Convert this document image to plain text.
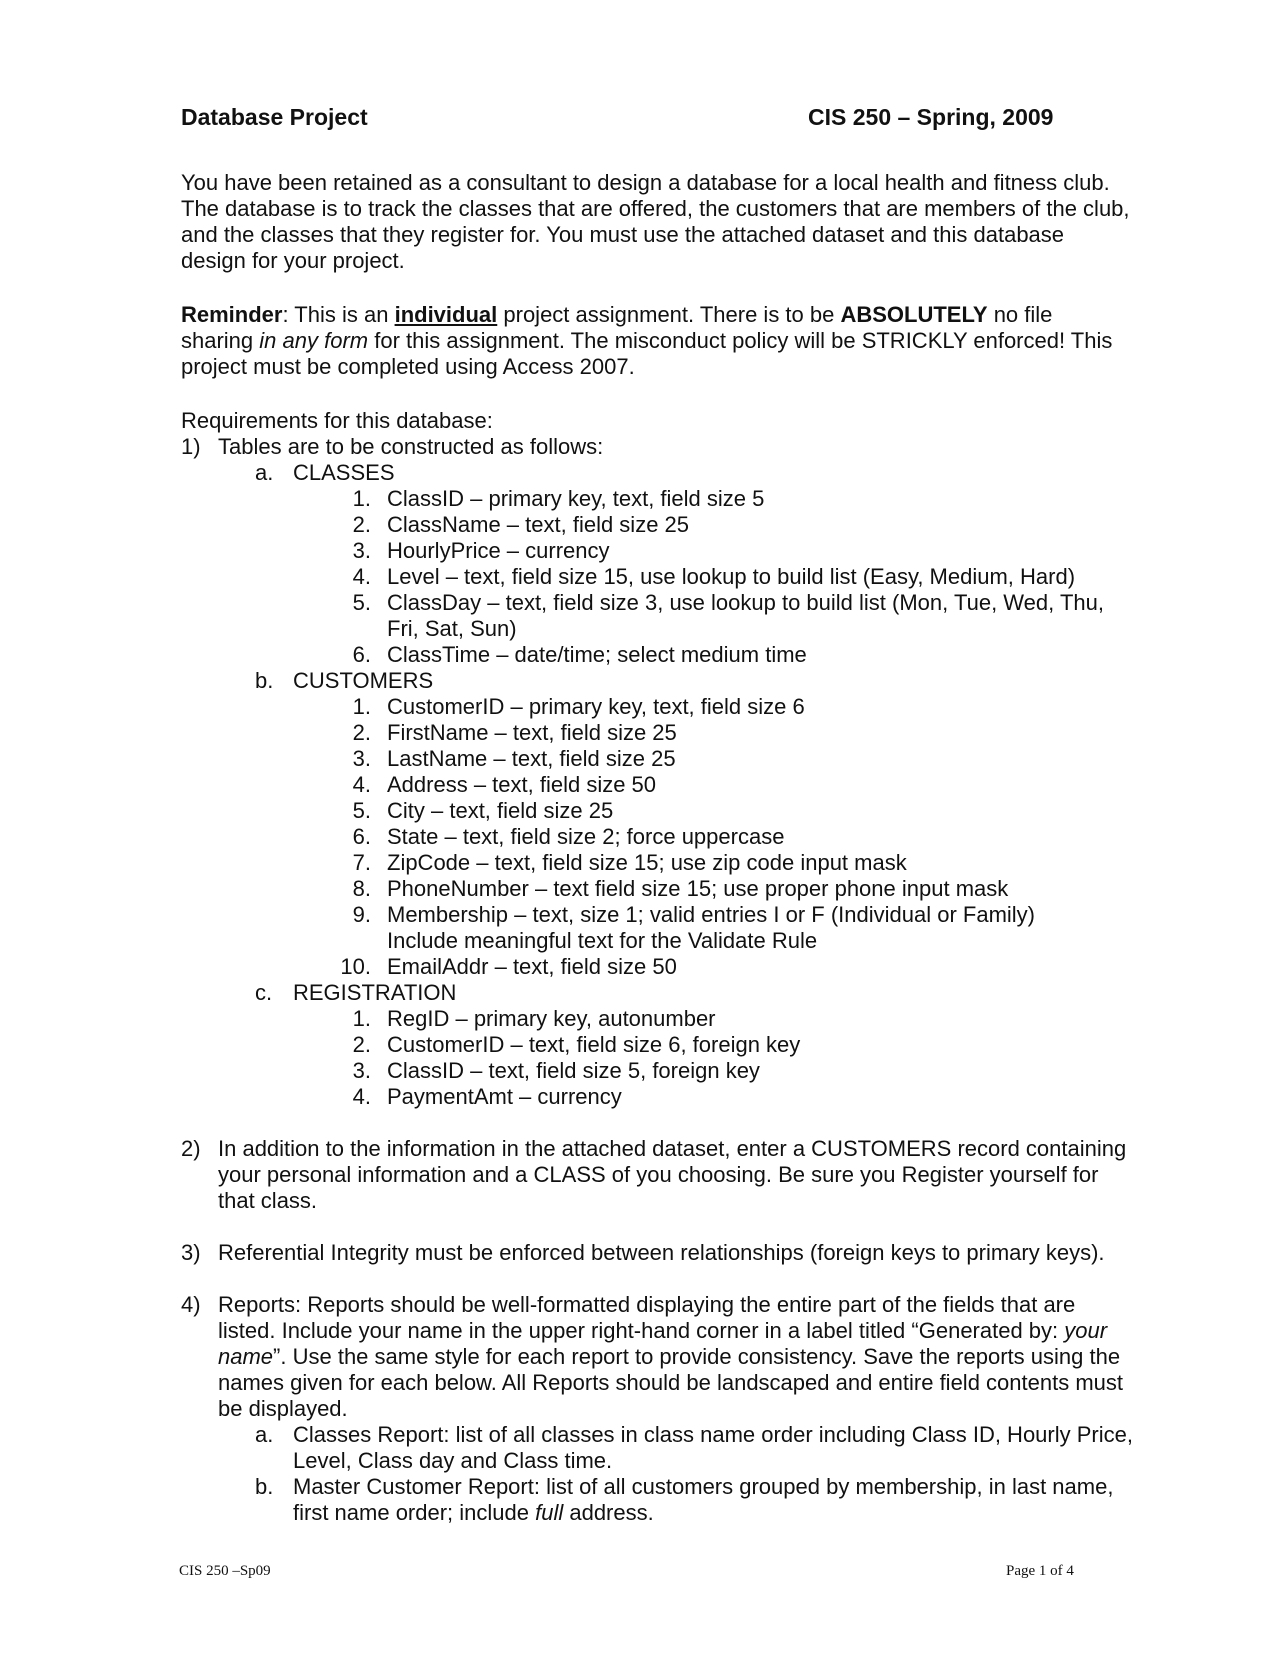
Database Project	CIS 250 – Spring, 2009
You have been retained as a consultant to design a database for a local health and fitness club.
The database is to track the classes that are offered, the customers that are members of the club,
and the classes that they register for. You must use the attached dataset and this database
design for your project.
Reminder: This is an individual project assignment. There is to be ABSOLUTELY no file
sharing in any form for this assignment. The misconduct policy will be STRICKLY enforced! This
project must be completed using Access 2007.
Requirements for this database:
1) Tables are to be constructed as follows:
a. CLASSES
1. ClassID – primary key, text, field size 5
2. ClassName – text, field size 25
3. HourlyPrice – currency
4. Level – text, field size 15, use lookup to build list (Easy, Medium, Hard)
5. ClassDay – text, field size 3, use lookup to build list (Mon, Tue, Wed, Thu,
Fri, Sat, Sun)
6. ClassTime – date/time; select medium time
b. CUSTOMERS
1. CustomerID – primary key, text, field size 6
2. FirstName – text, field size 25
3. LastName – text, field size 25
4. Address – text, field size 50
5. City – text, field size 25
6. State – text, field size 2; force uppercase
7. ZipCode – text, field size 15; use zip code input mask
8. PhoneNumber – text field size 15; use proper phone input mask
9. Membership – text, size 1; valid entries I or F (Individual or Family)
Include meaningful text for the Validate Rule
10. EmailAddr – text, field size 50
c. REGISTRATION
1. RegID – primary key, autonumber
2. CustomerID – text, field size 6, foreign key
3. ClassID – text, field size 5, foreign key
4. PaymentAmt – currency
2) In addition to the information in the attached dataset, enter a CUSTOMERS record containing
your personal information and a CLASS of you choosing. Be sure you Register yourself for
that class.
3) Referential Integrity must be enforced between relationships (foreign keys to primary keys).
4) Reports: Reports should be well-formatted displaying the entire part of the fields that are
listed. Include your name in the upper right-hand corner in a label titled “Generated by: your
name”. Use the same style for each report to provide consistency. Save the reports using the
names given for each below. All Reports should be landscaped and entire field contents must
be displayed.
a. Classes Report: list of all classes in class name order including Class ID, Hourly Price,
Level, Class day and Class time.
b. Master Customer Report: list of all customers grouped by membership, in last name,
first name order; include full address.
CIS 250 –Sp09	Page 1 of 4
